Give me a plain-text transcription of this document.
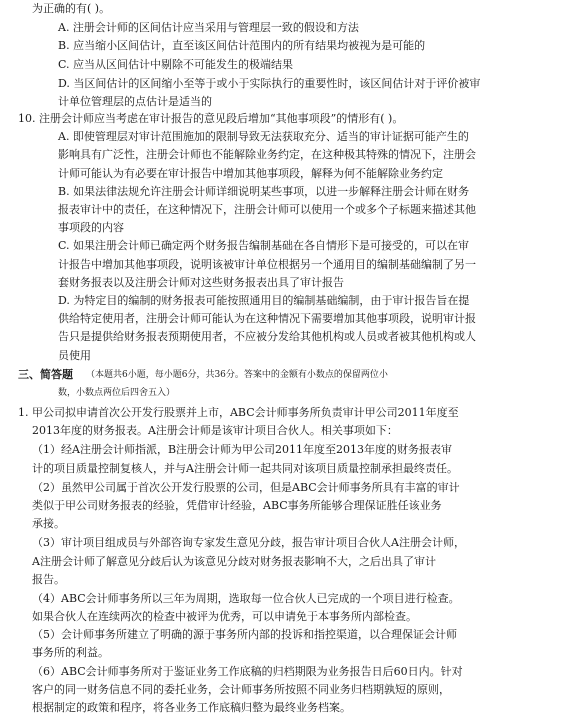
为正确的有( )。
A. 注册会计师的区间估计应当采用与管理层一致的假设和方法
B. 应当缩小区间估计，直至该区间估计范围内的所有结果均被视为是可能的
C. 应当从区间估计中剔除不可能发生的极端结果
D. 当区间估计的区间缩小至等于或小于实际执行的重要性时，该区间估计对于评价被审
计单位管理层的点估计是适当的
10. 注册会计师应当考虑在审计报告的意见段后增加“其他事项段”的情形有( )。
A. 即使管理层对审计范围施加的限制导致无法获取充分、适当的审计证据可能产生的
影响具有广泛性，注册会计师也不能解除业务约定，在这种极其特殊的情况下，注册会
计师可能认为有必要在审计报告中增加其他事项段，解释为何不能解除业务约定
B. 如果法律法规允许注册会计师详细说明某些事项，以进一步解释注册会计师在财务
报表审计中的责任，在这种情况下，注册会计师可以使用一个或多个子标题来描述其他
事项段的内容
C. 如果注册会计师已确定两个财务报告编制基础在各自情形下是可接受的，可以在审
计报告中增加其他事项段，说明该被审计单位根据另一个通用目的编制基础编制了另一
套财务报表以及注册会计师对这些财务报表出具了审计报告
D. 为特定目的编制的财务报表可能按照通用目的编制基础编制，由于审计报告旨在提
供给特定使用者，注册会计师可能认为在这种情况下需要增加其他事项段，说明审计报
告只是提供给财务报表预期使用者，不应被分发给其他机构或人员或者被其他机构或人
员使用
三、简答题 （本题共6小题，每小题6分，共36分。答案中的金额有小数点的保留两位小
数，小数点两位后四舍五入）
1. 甲公司拟申请首次公开发行股票并上市，ABC会计师事务所负责审计甲公司2011年度至
2013年度的财务报表。A注册会计师是该审计项目合伙人。相关事项如下：
（1）经A注册会计师指派，B注册会计师为甲公司2011年度至2013年度的财务报表审
计的项目质量控制复核人，并与A注册会计师一起共同对该项目质量控制承担最终责任。
（2）虽然甲公司属于首次公开发行股票的公司，但是ABC会计师事务所具有丰富的审计
类似于甲公司财务报表的经验，凭借审计经验，ABC事务所能够合理保证胜任该业务
承接。
（3）审计项目组成员与外部咨询专家发生意见分歧，报告审计项目合伙人A注册会计师，
A注册会计师了解意见分歧后认为该意见分歧对财务报表影响不大，之后出具了审计
报告。
（4）ABC会计师事务所以三年为周期，选取每一位合伙人已完成的一个项目进行检查。
如果合伙人在连续两次的检查中被评为优秀，可以申请免于本事务所内部检查。
（5）会计师事务所建立了明确的源于事务所内部的投诉和指控渠道，以合理保证会计师
事务所的利益。
（6）ABC会计师事务所对于鉴证业务工作底稿的归档期限为业务报告日后60日内。针对
客户的同一财务信息不同的委托业务，会计师事务所按照不同业务归档期孰短的原则，
根据制定的政策和程序，将各业务工作底稿归整为最终业务档案。
